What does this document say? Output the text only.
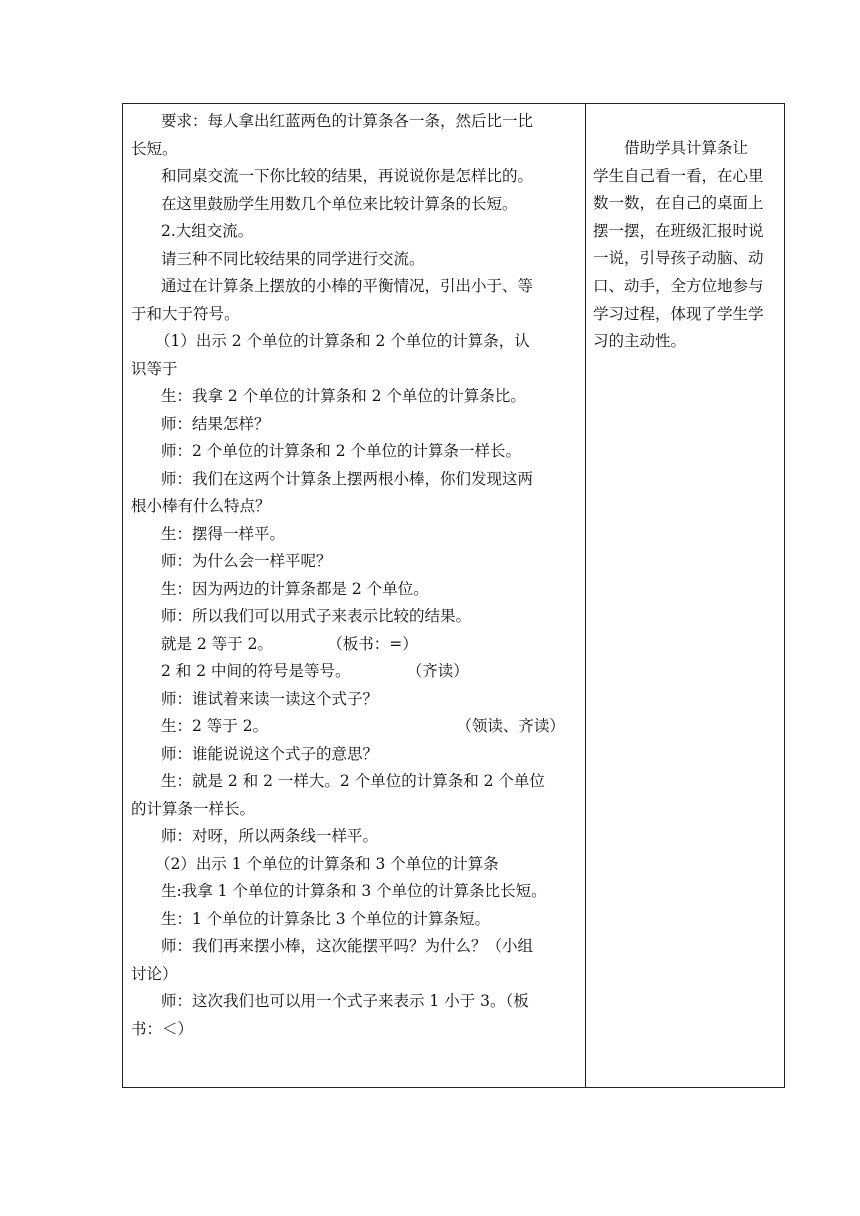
要求：每人拿出红蓝两色的计算条各一条，然后比一比
长短。
和同桌交流一下你比较的结果，再说说你是怎样比的。
在这里鼓励学生用数几个单位来比较计算条的长短。
2.大组交流。
请三种不同比较结果的同学进行交流。
通过在计算条上摆放的小棒的平衡情况，引出小于、等
于和大于符号。
（1）出示 2 个单位的计算条和 2 个单位的计算条，认
识等于
生：我拿 2 个单位的计算条和 2 个单位的计算条比。
师：结果怎样？
师：2 个单位的计算条和 2 个单位的计算条一样长。
师：我们在这两个计算条上摆两根小棒，你们发现这两
根小棒有什么特点？
生：摆得一样平。
师：为什么会一样平呢？
生：因为两边的计算条都是 2 个单位。
师：所以我们可以用式子来表示比较的结果。
就是 2 等于 2。	（板书：=）
2 和 2 中间的符号是等号。	（齐读）
师：谁试着来读一读这个式子？
生：2 等于 2。	（领读、齐读）
师：谁能说说这个式子的意思？
生：就是 2 和 2 一样大。2 个单位的计算条和 2 个单位
的计算条一样长。
师：对呀，所以两条线一样平。
（2）出示 1 个单位的计算条和 3 个单位的计算条
生:我拿 1 个单位的计算条和 3 个单位的计算条比长短。
生：1 个单位的计算条比 3 个单位的计算条短。
师：我们再来摆小棒，这次能摆平吗？为什么？（小组
讨论）
师：这次我们也可以用一个式子来表示 1 小于 3。（板
书：＜）
借助学具计算条让
学生自己看一看，在心里
数一数，在自己的桌面上
摆一摆，在班级汇报时说
一说，引导孩子动脑、动
口、动手，全方位地参与
学习过程，体现了学生学
习的主动性。
